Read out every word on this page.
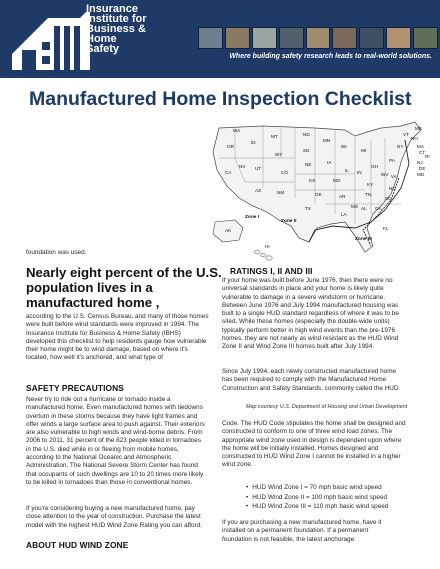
Insurance
Institute for
Business &
Home
Safety
Where building safety research leads to real-world solutions.
Manufactured Home Inspection Checklist
WA
OR
CA
NV
ID
MT
WY
UT
AZ	NM
CO
ND
SD
NE
KS
OK
TX
MN
IA
MO
AR
LA
WI
IL
MI
IN
OH
KY
TN
MS AL GA
FL
SC
NC
VA
WV
PA
NY
ME
VT
NH
MA
CT
RI
NJ
DE
MD
AK
HI
Zone I
Zone II
Zone III
Map courtesy U.S. Department of Housing and Urban Development
foundation was used.
Nearly eight percent of the U.S.
population lives in a
manufactured home ,
according to the U.S. Census Bureau, and many of those homes
were built before wind standards were improved in 1994. The
Insurance Institute for Business & Home Safety (IBHS)
developed this checklist to help residents gauge how vulnerable
their home might be to wind damage, based on where it's
located, how well it's anchored, and what type of
SAFETY PRECAUTIONS
Never try to ride out a hurricane or tornado inside a
manufactured home. Even manufactured homes with tiedowns
overturn in these storms because they have light frames and
offer winds a large surface area to push against. Their exteriors
are also vulnerable to high winds and wind-borne debris. From
2006 to 2011, 31 percent of the 823 people killed in tornadoes
in the U.S. died while in or fleeing from mobile homes,
according to the National Oceanic and Atmospheric
Administration. The National Severe Storm Center has found
that occupants of such dwellings are 10 to 20 times more likely
to be killed in tornadoes than those in conventional homes.
If you're considering buying a new manufactured home, pay
close attention to the year of construction. Purchase the latest
model with the highest HUD Wind Zone Rating you can afford.
ABOUT HUD WIND ZONE
RATINGS I, II AND III
If your home was built before June 1976, then there were no
universal standards in place and your home is likely quite
vulnerable to damage in a severe windstorm or hurricane.
Between June 1976 and July 1994 manufactured housing was
built to a single HUD standard regardless of where it was to be
sited. While these homes (especially the double-wide units)
typically perform better in high wind events than the pre-1976
homes, they are not nearly as wind resistant as the HUD Wind
Zone II and Wind Zone III homes built after July 1994.
Since July 1994, each newly constructed manufactured home
has been required to comply with the Manufactured Home
Construction and Safety Standards, commonly called the HUD
Code. The HUD Code stipulates the home shall be designed and
constructed to conform to one of three wind load zones. The
appropriate wind zone used in design is dependent upon where
the home will be initially installed. Homes designed and
constructed to HUD Wind Zone I cannot be installed in a higher
wind zone.
• HUD Wind Zone I = 70 mph basic wind speed
• HUD Wind Zone II = 100 mph basic wind speed
• HUD Wind Zone III = 110 mph basic wind speed
If you are purchasing a new manufactured home, have it
installed on a permanent foundation. If a permanent
foundation is not feasible, the latest anchorage
